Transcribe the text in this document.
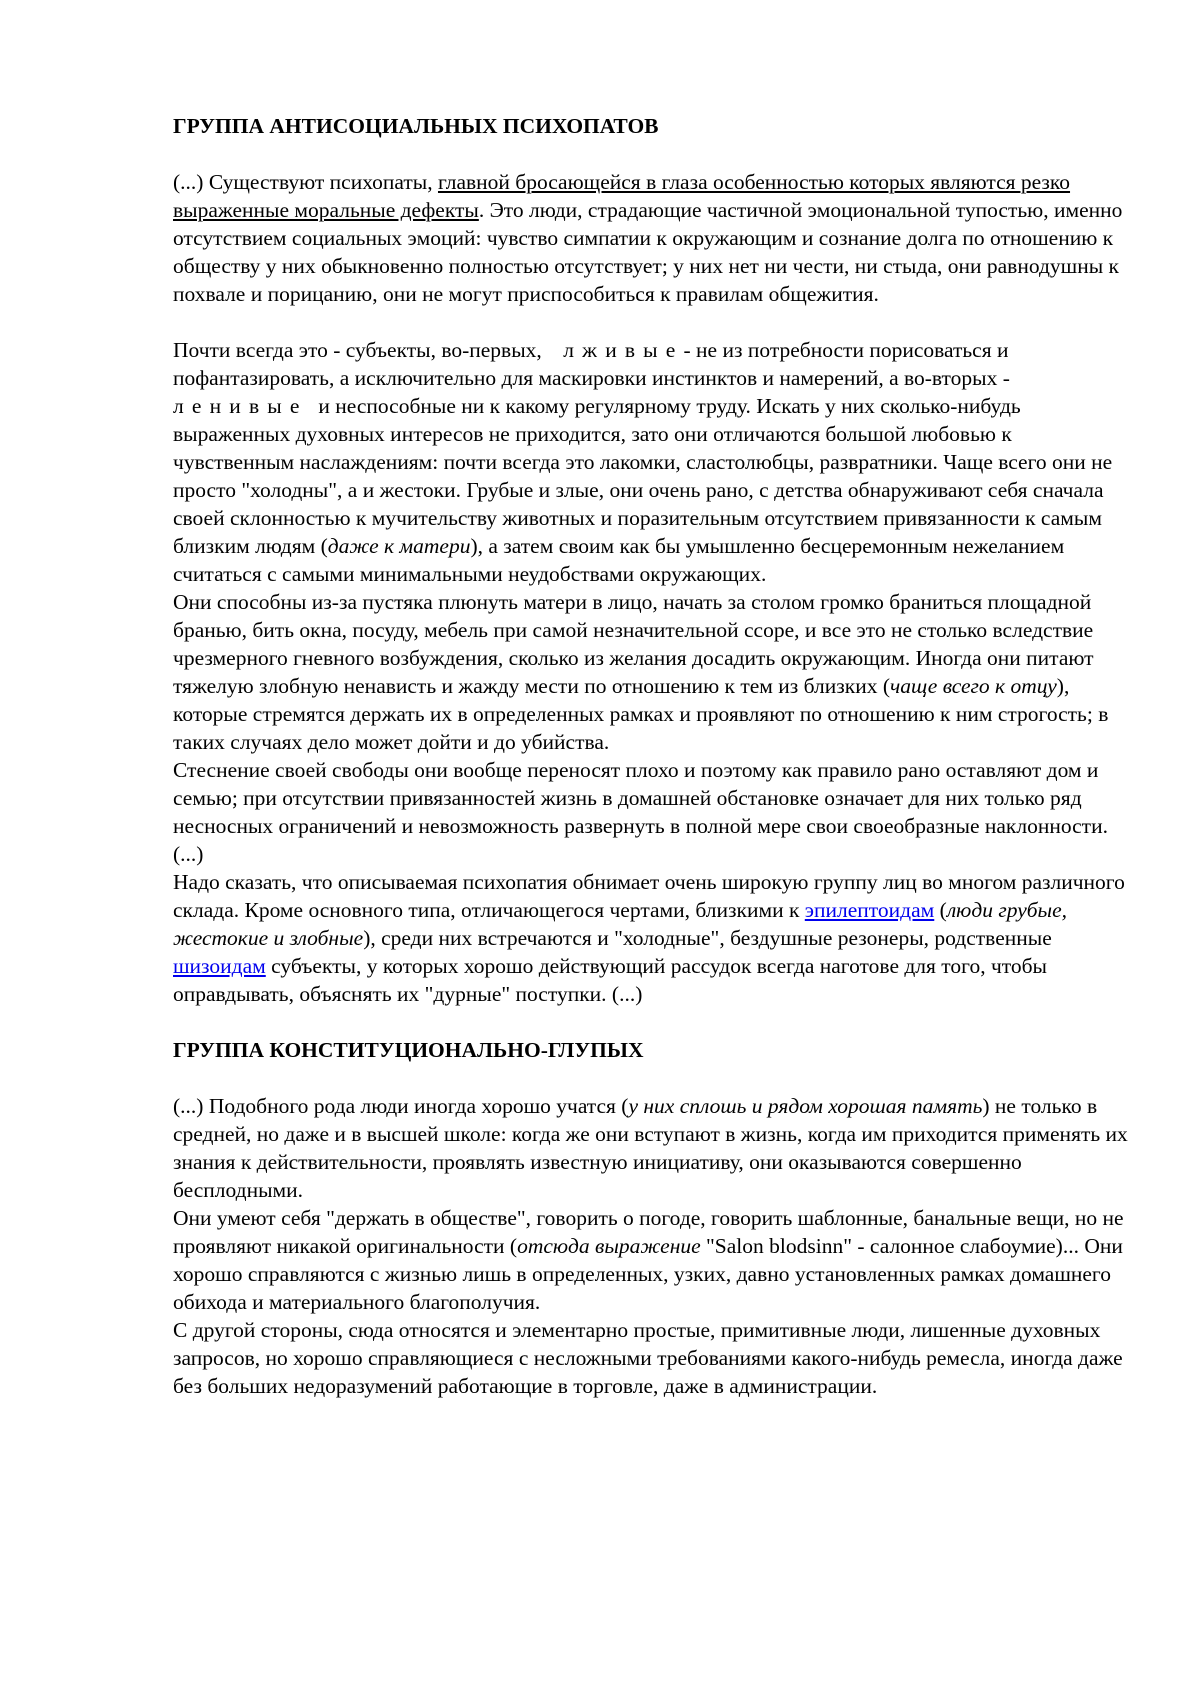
ГРУППА АНТИСОЦИАЛЬНЫХ ПСИХОПАТОВ

(...) Существуют психопаты, главной бросающейся в глаза особенностью которых являются резко выраженные моральные дефекты. Это люди, страдающие частичной эмоциональной тупостью, именно отсутствием социальных эмоций: чувство симпатии к окружающим и сознание долга по отношению к обществу у них обыкновенно полностью отсутствует; у них нет ни чести, ни стыда, они равнодушны к похвале и порицанию, они не могут приспособиться к правилам общежития.

Почти всегда это - субъекты, во-первых, лживые- не из потребности порисоваться и пофантазировать, а исключительно для маскировки инстинктов и намерений, а во-вторых - ленивые и неспособные ни к какому регулярному труду. Искать у них сколько-нибудь выраженных духовных интересов не приходится, зато они отличаются большой любовью к чувственным наслаждениям: почти всегда это лакомки, сластолюбцы, развратники. Чаще всего они не просто "холодны", а и жестоки. Грубые и злые, они очень рано, с детства обнаруживают себя сначала своей склонностью к мучительству животных и поразительным отсутствием привязанности к самым близким людям (даже к матери), а затем своим как бы умышленно бесцеремонным нежеланием считаться с самыми минимальными неудобствами окружающих.

Они способны из-за пустяка плюнуть матери в лицо, начать за столом громко браниться площадной бранью, бить окна, посуду, мебель при самой незначительной ссоре, и все это не столько вследствие чрезмерного гневного возбуждения, сколько из желания досадить окружающим. Иногда они питают тяжелую злобную ненависть и жажду мести по отношению к тем из близких (чаще всего к отцу), которые стремятся держать их в определенных рамках и проявляют по отношению к ним строгость; в таких случаях дело может дойти и до убийства.

Стеснение своей свободы они вообще переносят плохо и поэтому как правило рано оставляют дом и семью; при отсутствии привязанностей жизнь в домашней обстановке означает для них только ряд несносных ограничений и невозможность развернуть в полной мере свои своеобразные наклонности.(...)

Надо сказать, что описываемая психопатия обнимает очень широкую группу лиц во многом различного склада. Кроме основного типа, отличающегося чертами, близкими к эпилептоидам (люди грубые, жестокие и злобные), среди них встречаются и "холодные", бездушные резонеры, родственные шизоидам субъекты, у которых хорошо действующий рассудок всегда наготове для того, чтобы оправдывать, объяснять их "дурные" поступки. (...)

ГРУППА КОНСТИТУЦИОНАЛЬНО-ГЛУПЫХ

(...) Подобного рода люди иногда хорошо учатся (у них сплошь и рядом хорошая память) не только в средней, но даже и в высшей школе: когда же они вступают в жизнь, когда им приходится применять их знания к действительности, проявлять известную инициативу, они оказываются совершенно бесплодными.

Они умеют себя "держать в обществе", говорить о погоде, говорить шаблонные, банальные вещи, но не проявляют никакой оригинальности (отсюда выражение "Salon blodsinn" - салонное слабоумие)... Они хорошо справляются с жизнью лишь в определенных, узких, давно установленных рамках домашнего обихода и материального благополучия.

С другой стороны, сюда относятся и элементарно простые, примитивные люди, лишенные духовных запросов, но хорошо справляющиеся с несложными требованиями какого-нибудь ремесла, иногда даже без больших недоразумений работающие в торговле, даже в администрации.
